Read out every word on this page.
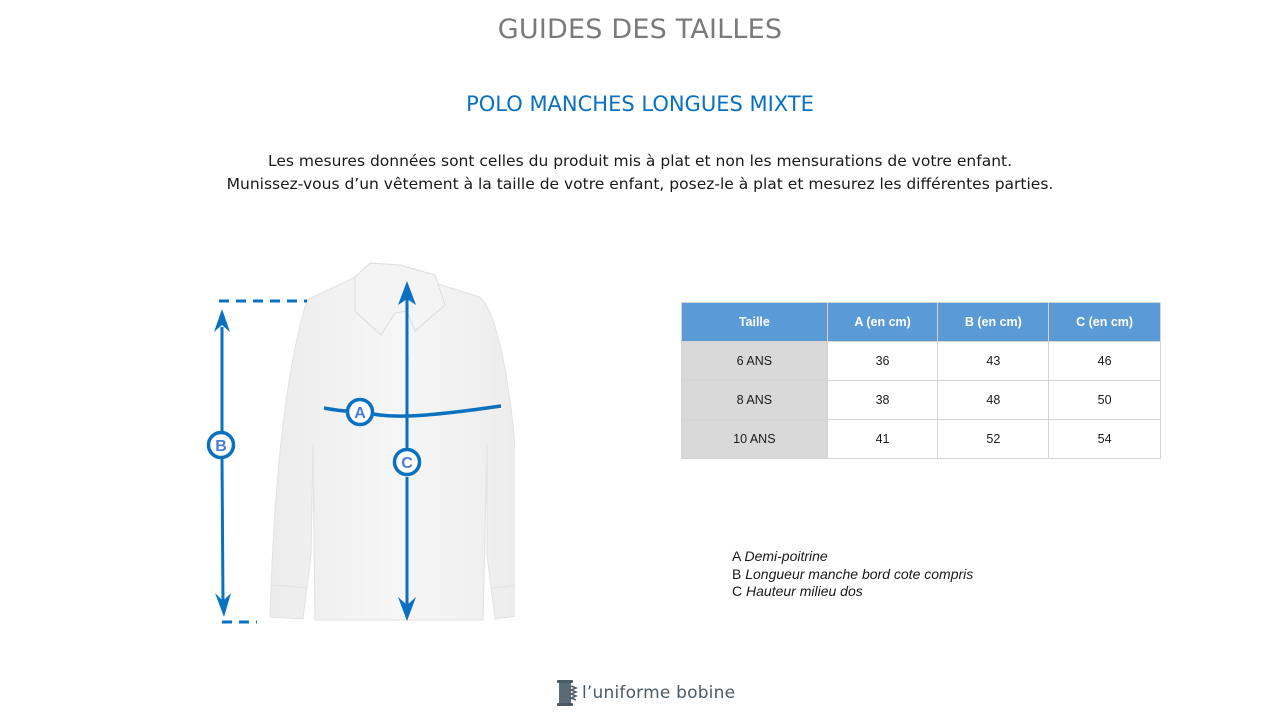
GUIDES DES TAILLES
POLO MANCHES LONGUES MIXTE
Les mesures données sont celles du produit mis à plat et non les mensurations de votre enfant.
Munissez-vous d’un vêtement à la taille de votre enfant, posez-le à plat et mesurez les différentes parties.
B
C
A
Taille	A (en cm)	B (en cm)	C (en cm)
6 ANS	36	43	46
8 ANS	38	48	50
10 ANS	41	52	54
A Demi-poitrine
B Longueur manche bord cote compris
C Hauteur milieu dos
l’uniforme bobine
